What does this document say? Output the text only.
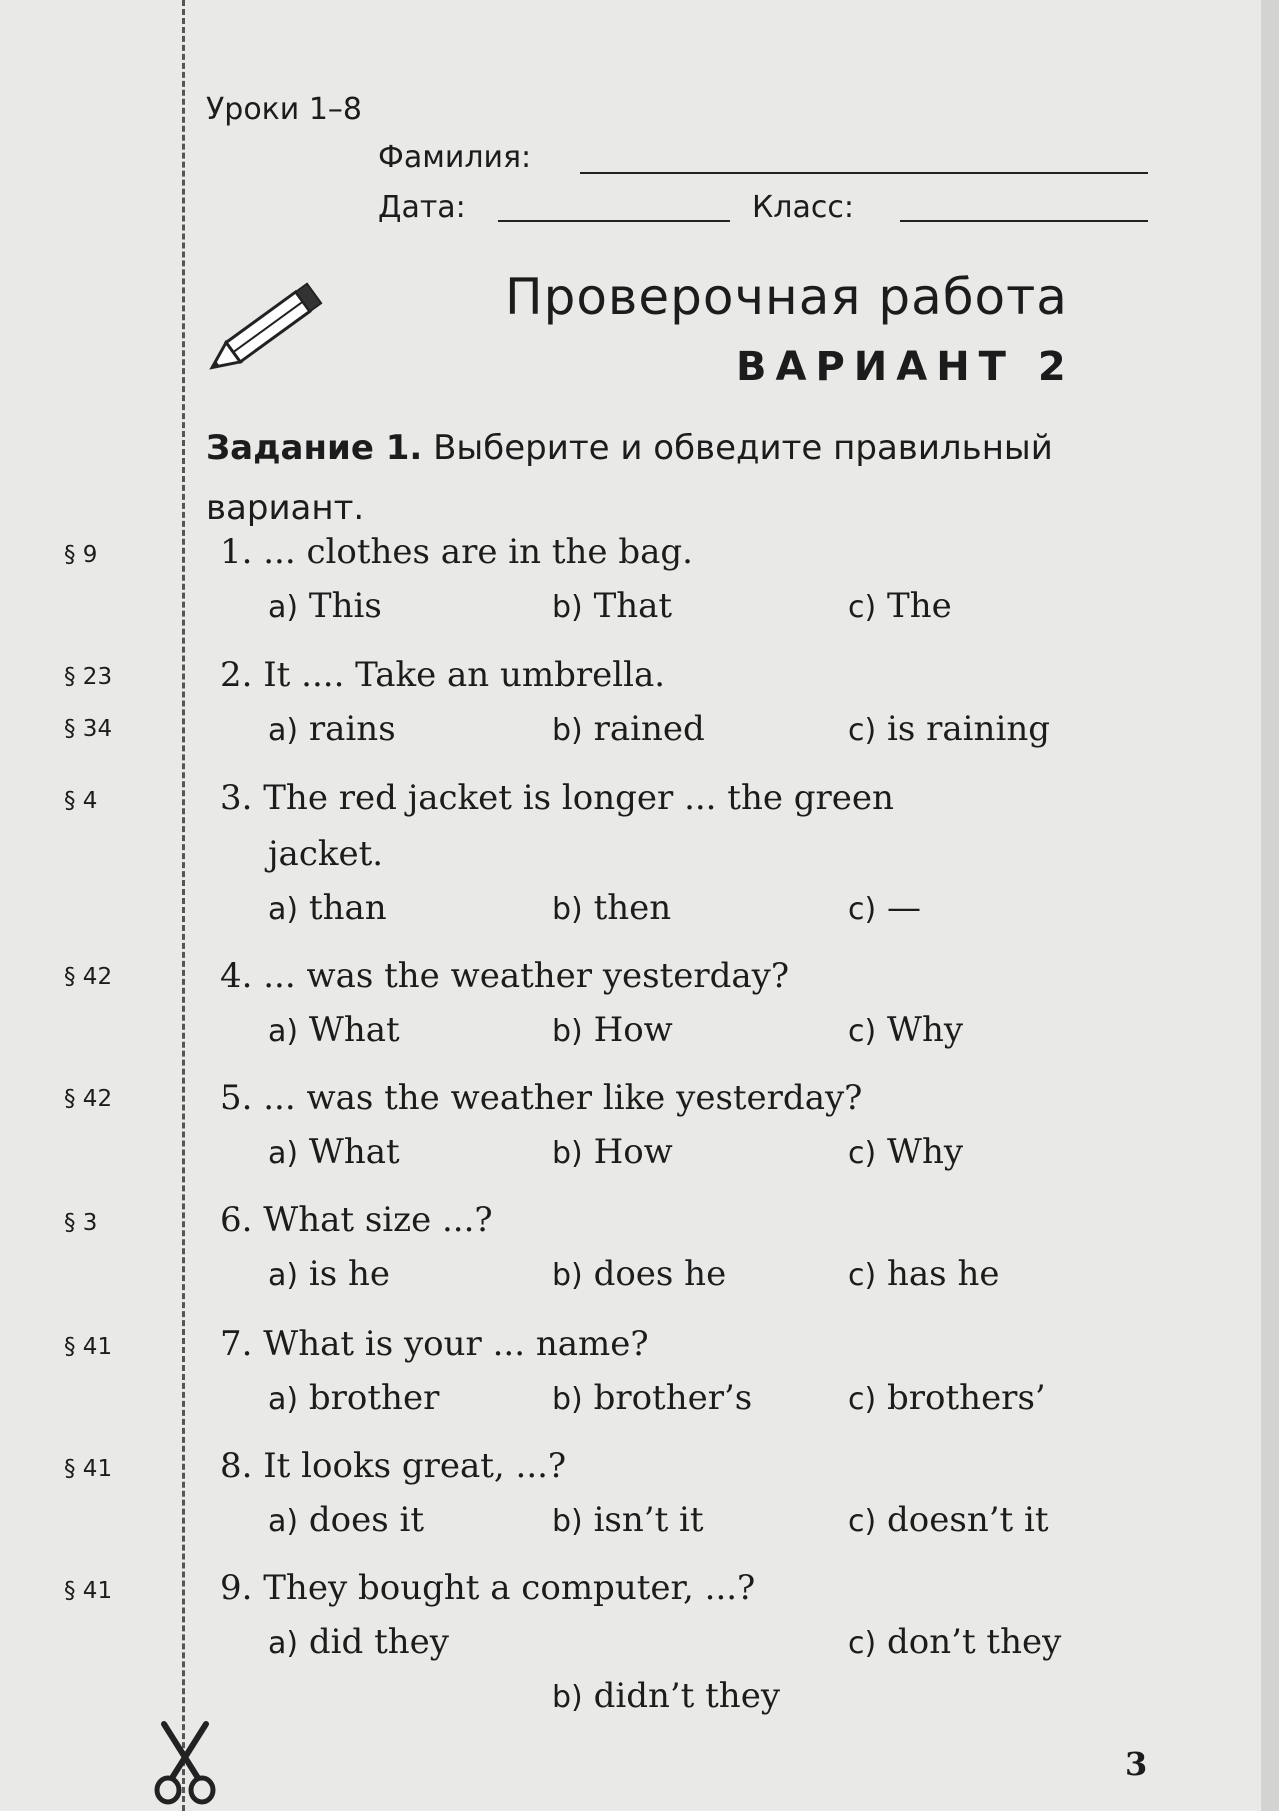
Уроки 1–8
Фамилия:
Дата:	Класс:
Проверочная работа
ВАРИАНТ 2
Задание 1. Выберите и обведите правильный вариант.
§ 9	1. ... clothes are in the bag.
a) This	b) That	c) The
§ 23
§ 34
2. It .... Take an umbrella.
a) rains	b) rained	c) is raining
§ 4	3. The red jacket is longer ... the green
jacket.
a) than	b) then	c) —
§ 42	4. ... was the weather yesterday?
a) What	b) How	c) Why
§ 42	5. ... was the weather like yesterday?
a) What	b) How	c) Why
§ 3	6. What size ...?
a) is he	b) does he	c) has he
§ 41	7. What is your ... name?
a) brother	b) brother’s	c) brothers’
§ 41	8. It looks great, ...?
a) does it	b) isn’t it	c) doesn’t it
§ 41	9. They bought a computer, ...?
a) did they	c) don’t they
b) didn’t they
3
